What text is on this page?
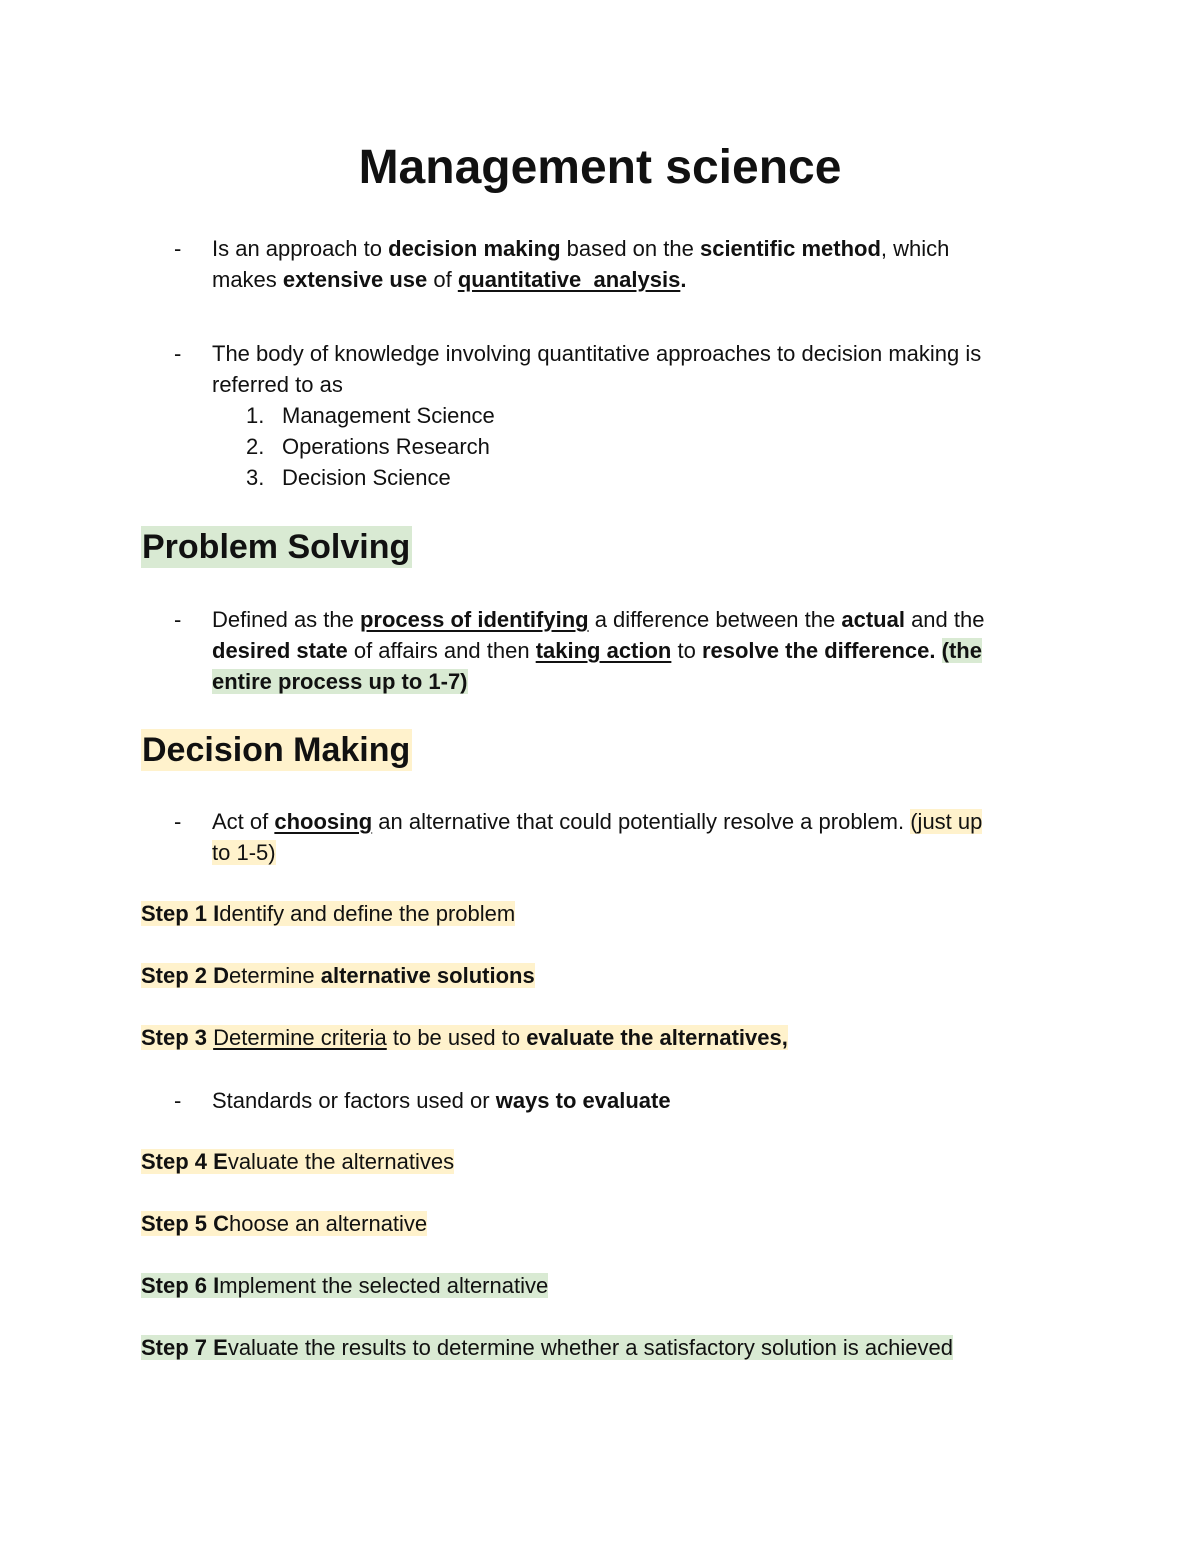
Management science
- Is an approach to decision making based on the scientific method, which
makes extensive use of quantitative  analysis.
- The body of knowledge involving quantitative approaches to decision making is
referred to as
1. Management Science
2. Operations Research
3. Decision Science
Problem Solving
- Defined as the process of identifying a difference between the actual and the
desired state of affairs and then taking action to resolve the difference. (the
entire process up to 1-7)
Decision Making
- Act of choosing an alternative that could potentially resolve a problem. (just up
to 1-5)
Step 1 Identify and define the problem
Step 2 Determine alternative solutions
Step 3 Determine criteria to be used to evaluate the alternatives,
- Standards or factors used or ways to evaluate
Step 4 Evaluate the alternatives
Step 5 Choose an alternative
Step 6 Implement the selected alternative
Step 7 Evaluate the results to determine whether a satisfactory solution is achieved
